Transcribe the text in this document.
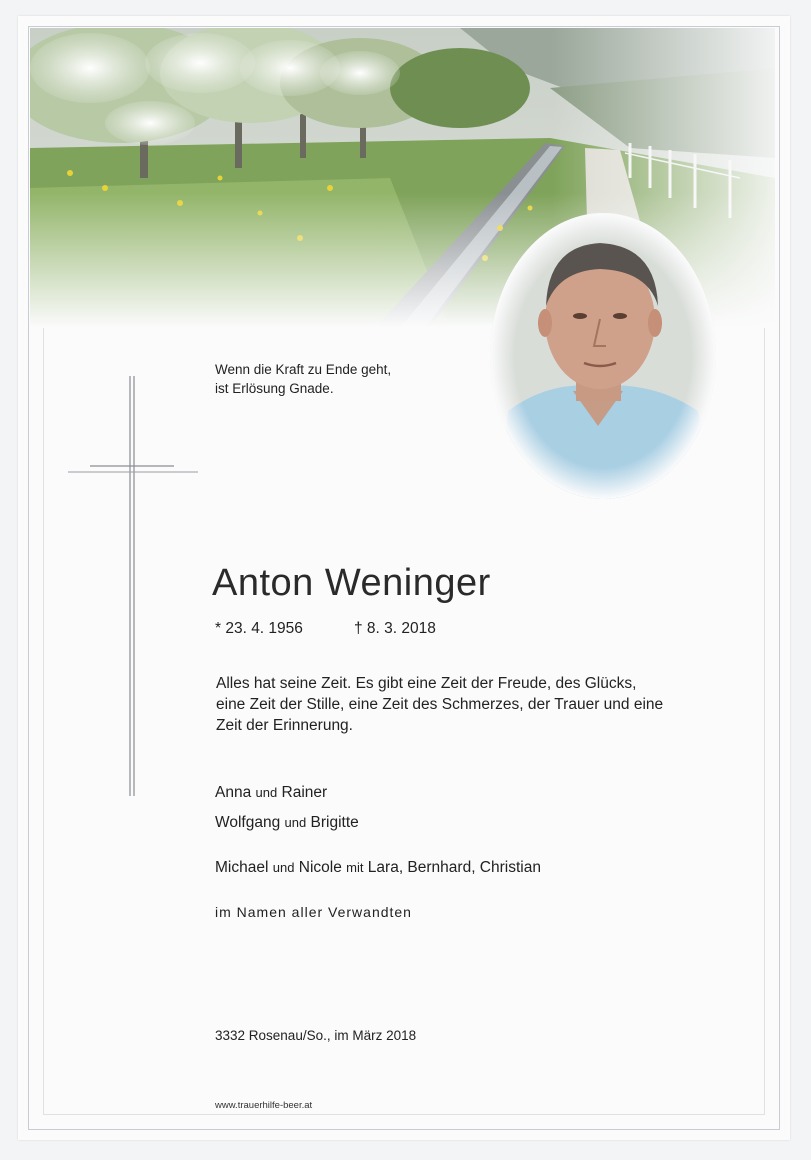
Wenn die Kraft zu Ende geht,
ist Erlösung Gnade.
Anton Weninger
* 23. 4. 1956	† 8. 3. 2018
Alles hat seine Zeit. Es gibt eine Zeit der Freude, des Glücks,
eine Zeit der Stille, eine Zeit des Schmerzes, der Trauer und eine
Zeit der Erinnerung.
Anna und Rainer
Wolfgang und Brigitte
Michael und Nicole mit Lara, Bernhard, Christian
im Namen aller Verwandten
3332 Rosenau/So., im März 2018
www.trauerhilfe-beer.at
